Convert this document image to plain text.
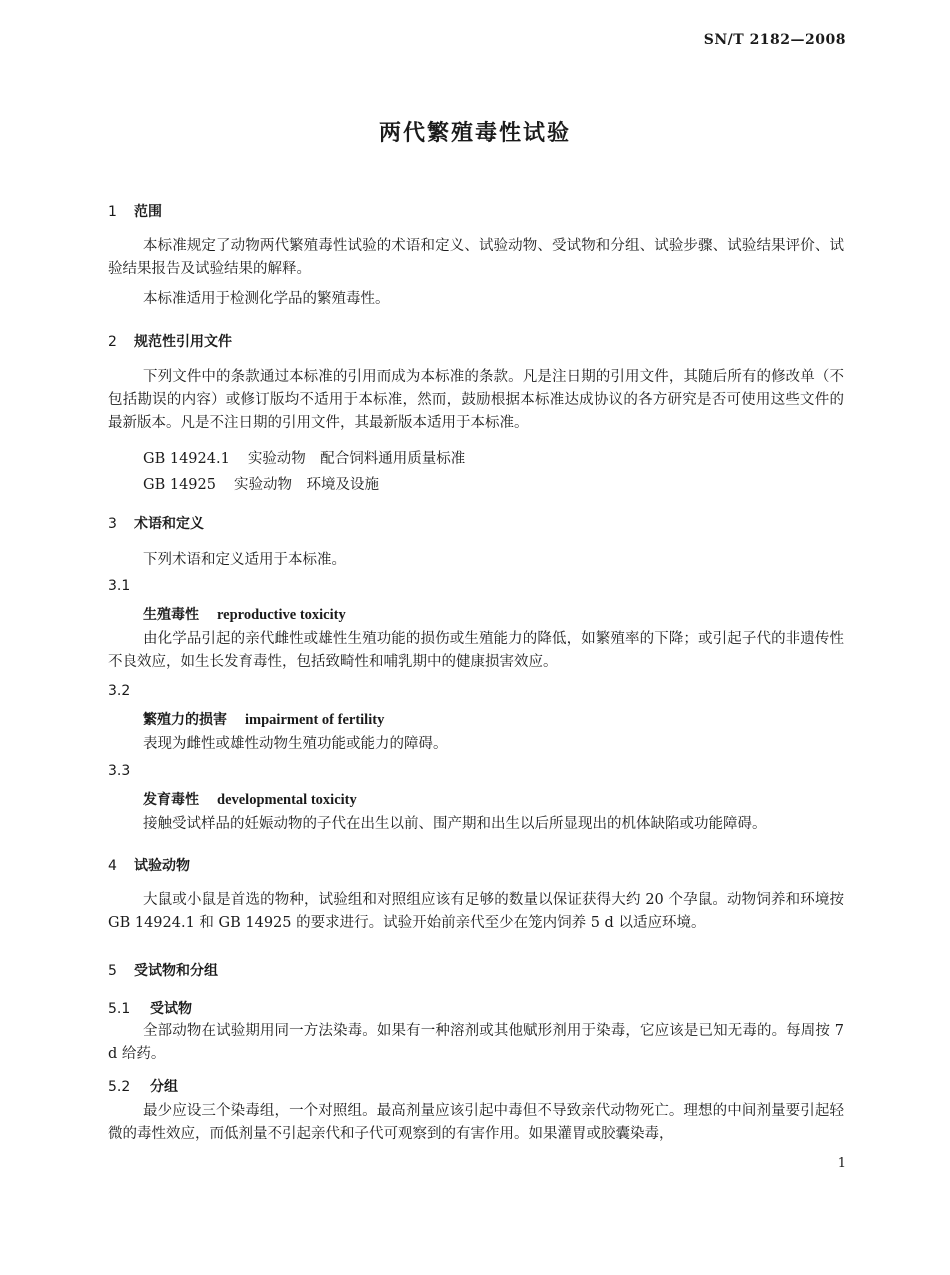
SN/T 2182—2008
两代繁殖毒性试验
1 范围

本标准规定了动物两代繁殖毒性试验的术语和定义、试验动物、受试物和分组、试验步骤、试验结果评价、试验结果报告及试验结果的解释。

本标准适用于检测化学品的繁殖毒性。

2 规范性引用文件

下列文件中的条款通过本标准的引用而成为本标准的条款。凡是注日期的引用文件，其随后所有的修改单（不包括勘误的内容）或修订版均不适用于本标准，然而，鼓励根据本标准达成协议的各方研究是否可使用这些文件的最新版本。凡是不注日期的引用文件，其最新版本适用于本标准。

GB 14924.1 实验动物　配合饲料通用质量标准
GB 14925 实验动物　环境及设施
3 术语和定义

下列术语和定义适用于本标准。

3.1
生殖毒性 reproductive toxicity

由化学品引起的亲代雌性或雄性生殖功能的损伤或生殖能力的降低，如繁殖率的下降；或引起子代的非遗传性不良效应，如生长发育毒性，包括致畸性和哺乳期中的健康损害效应。

3.2
繁殖力的损害 impairment of fertility

表现为雌性或雄性动物生殖功能或能力的障碍。

3.3
发育毒性 developmental toxicity

接触受试样品的妊娠动物的子代在出生以前、围产期和出生以后所显现出的机体缺陷或功能障碍。

4 试验动物

大鼠或小鼠是首选的物种，试验组和对照组应该有足够的数量以保证获得大约 20 个孕鼠。动物饲养和环境按 GB 14924.1 和 GB 14925 的要求进行。试验开始前亲代至少在笼内饲养 5 d 以适应环境。

5 受试物和分组
5.1 受试物

全部动物在试验期用同一方法染毒。如果有一种溶剂或其他赋形剂用于染毒，它应该是已知无毒的。每周按 7 d 给药。

5.2 分组

最少应设三个染毒组，一个对照组。最高剂量应该引起中毒但不导致亲代动物死亡。理想的中间剂量要引起轻微的毒性效应，而低剂量不引起亲代和子代可观察到的有害作用。如果灌胃或胶囊染毒，

1
